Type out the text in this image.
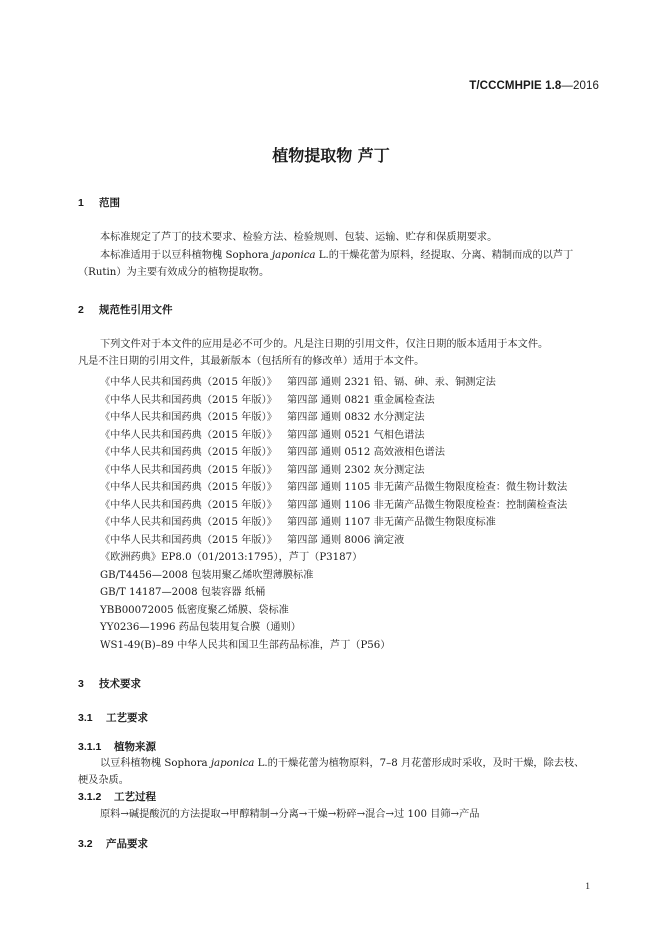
T/CCCMHPIE 1.8—2016
植物提取物 芦丁
1 范围
本标准规定了芦丁的技术要求、检验方法、检验规则、包装、运输、贮存和保质期要求。
本标准适用于以豆科植物槐 Sophora japonica L.的干燥花蕾为原料，经提取、分离、精制而成的以芦丁
（Rutin）为主要有效成分的植物提取物。
2 规范性引用文件
下列文件对于本文件的应用是必不可少的。凡是注日期的引用文件，仅注日期的版本适用于本文件。
凡是不注日期的引用文件，其最新版本（包括所有的修改单）适用于本文件。
《中华人民共和国药典（2015 年版）》 第四部 通则 2321 铅、镉、砷、汞、铜测定法
《中华人民共和国药典（2015 年版）》 第四部 通则 0821 重金属检查法
《中华人民共和国药典（2015 年版）》 第四部 通则 0832 水分测定法
《中华人民共和国药典（2015 年版）》 第四部 通则 0521 气相色谱法
《中华人民共和国药典（2015 年版）》 第四部 通则 0512 高效液相色谱法
《中华人民共和国药典（2015 年版）》 第四部 通则 2302 灰分测定法
《中华人民共和国药典（2015 年版）》 第四部 通则 1105 非无菌产品微生物限度检查：微生物计数法
《中华人民共和国药典（2015 年版）》 第四部 通则 1106 非无菌产品微生物限度检查：控制菌检查法
《中华人民共和国药典（2015 年版）》 第四部 通则 1107 非无菌产品微生物限度标准
《中华人民共和国药典（2015 年版）》 第四部 通则 8006 滴定液
《欧洲药典》EP8.0（01/2013:1795），芦丁（P3187）
GB/T4456—2008 包装用聚乙烯吹塑薄膜标准
GB/T 14187—2008 包装容器 纸桶
YBB00072005 低密度聚乙烯膜、袋标准
YY0236—1996 药品包装用复合膜（通则）
WS1-49(B)–89 中华人民共和国卫生部药品标准，芦丁（P56）
3 技术要求
3.1 工艺要求
3.1.1 植物来源
以豆科植物槐 Sophora japonica L.的干燥花蕾为植物原料，7–8 月花蕾形成时采收，及时干燥，除去枝、
梗及杂质。
3.1.2 工艺过程
原料→碱提酸沉的方法提取→甲醇精制→分离→干燥→粉碎→混合→过 100 目筛→产品
3.2 产品要求
1
